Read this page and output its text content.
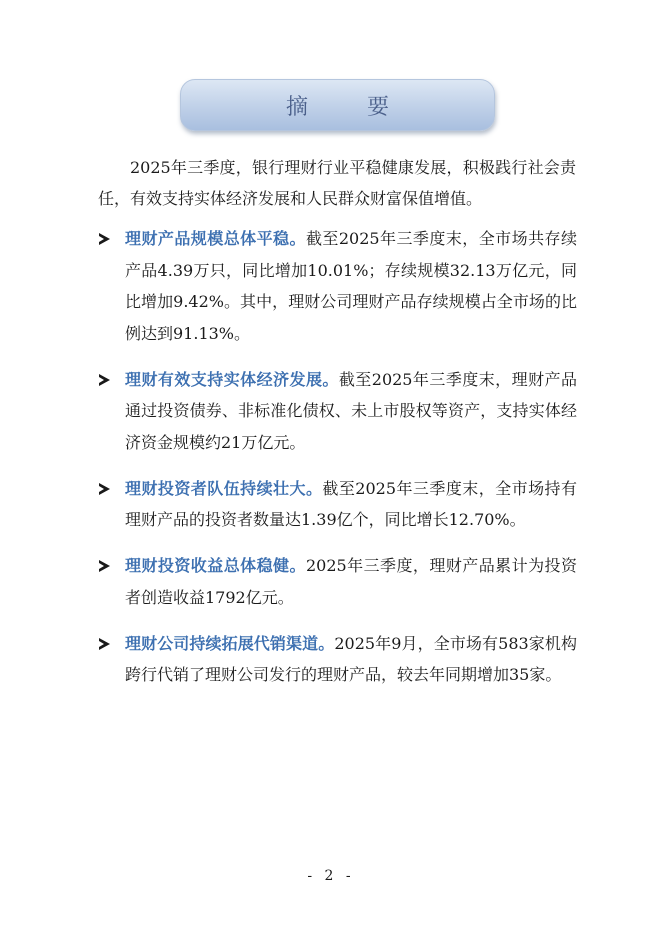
摘 要

2025年三季度，银行理财行业平稳健康发展，积极践行社会责任，有效支持实体经济发展和人民群众财富保值增值。

理财产品规模总体平稳。截至2025年三季度末，全市场共存续产品4.39万只，同比增加10.01%；存续规模32.13万亿元，同比增加9.42%。其中，理财公司理财产品存续规模占全市场的比例达到91.13%。
理财有效支持实体经济发展。截至2025年三季度末，理财产品通过投资债券、非标准化债权、未上市股权等资产，支持实体经济资金规模约21万亿元。
理财投资者队伍持续壮大。截至2025年三季度末，全市场持有理财产品的投资者数量达1.39亿个，同比增长12.70%。
理财投资收益总体稳健。2025年三季度，理财产品累计为投资者创造收益1792亿元。
理财公司持续拓展代销渠道。2025年9月，全市场有583家机构跨行代销了理财公司发行的理财产品，较去年同期增加35家。
- 2 -
